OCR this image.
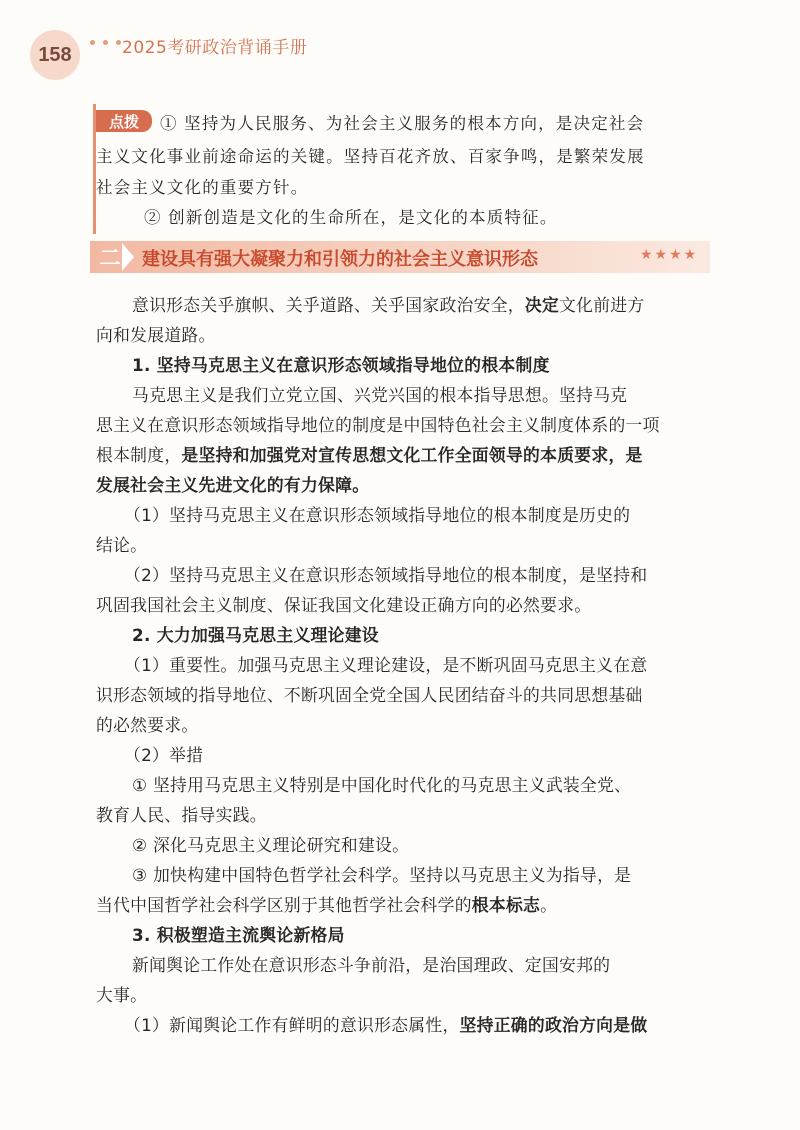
158	2025考研政治背诵手册
点拨	① 坚持为人民服务、为社会主义服务的根本方向，是决定社会
主义文化事业前途命运的关键。坚持百花齐放、百家争鸣，是繁荣发展
社会主义文化的重要方针。
② 创新创造是文化的生命所在，是文化的本质特征。
二	建设具有强大凝聚力和引领力的社会主义意识形态	★★★★
意识形态关乎旗帜、关乎道路、关乎国家政治安全，决定文化前进方
向和发展道路。
1. 坚持马克思主义在意识形态领域指导地位的根本制度
马克思主义是我们立党立国、兴党兴国的根本指导思想。坚持马克
思主义在意识形态领域指导地位的制度是中国特色社会主义制度体系的一项
根本制度，是坚持和加强党对宣传思想文化工作全面领导的本质要求，是
发展社会主义先进文化的有力保障。
（1）坚持马克思主义在意识形态领域指导地位的根本制度是历史的
结论。
（2）坚持马克思主义在意识形态领域指导地位的根本制度，是坚持和
巩固我国社会主义制度、保证我国文化建设正确方向的必然要求。
2. 大力加强马克思主义理论建设
（1）重要性。加强马克思主义理论建设，是不断巩固马克思主义在意
识形态领域的指导地位、不断巩固全党全国人民团结奋斗的共同思想基础
的必然要求。
（2）举措
① 坚持用马克思主义特别是中国化时代化的马克思主义武装全党、
教育人民、指导实践。
② 深化马克思主义理论研究和建设。
③ 加快构建中国特色哲学社会科学。坚持以马克思主义为指导，是
当代中国哲学社会科学区别于其他哲学社会科学的根本标志。
3. 积极塑造主流舆论新格局
新闻舆论工作处在意识形态斗争前沿，是治国理政、定国安邦的
大事。
（1）新闻舆论工作有鲜明的意识形态属性，坚持正确的政治方向是做
